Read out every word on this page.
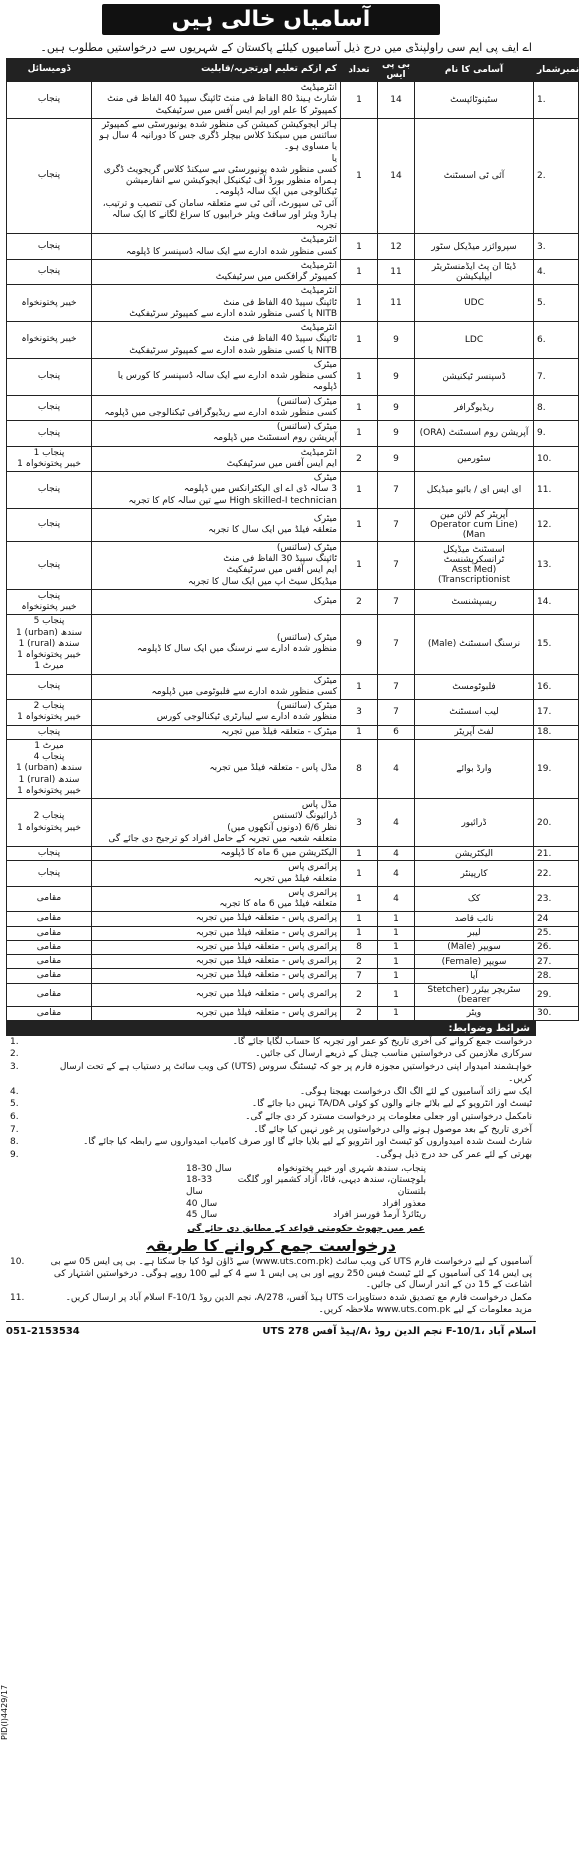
آسامیاں خالی ہیں
اے ایف پی ایم سی راولپنڈی میں درج ذیل آسامیوں کیلئے پاکستان کے شہریوں سے درخواستیں مطلوب ہیں۔
نمبرشمار	آسامی کا نام	بی پی ایس	تعداد	کم ازکم تعلیم اورتجربہ/قابلیت	ڈومیسائل
1.	سٹینوٹائپسٹ	14	1	انٹرمیڈیٹ
شارٹ ہینڈ 80 الفاظ فی منٹ ٹائپنگ سپیڈ 40 الفاظ فی منٹ
کمپیوٹر کا علم اور ایم ایس آفس میں سرٹیفکیٹ	پنجاب
2.	آئی ٹی اسسٹنٹ	14	1	ہائر ایجوکیشن کمیشن کی منظور شدہ یونیورسٹی سے کمپیوٹر سائنس میں سیکنڈ کلاس بیچلر ڈگری جس کا دورانیہ 4 سال ہو یا مساوی ہو۔
یا
کسی منظور شدہ یونیورسٹی سے سیکنڈ کلاس گریجویٹ ڈگری ہمراہ منظور بورڈ آف ٹیکنیکل ایجوکیشن سے انفارمیشن ٹیکنالوجی میں ایک سالہ ڈپلومہ۔
آئی ٹی سپورٹ، آئی ٹی سے متعلقہ سامان کی تنصیب و ترتیب، ہارڈ ویئر اور سافٹ ویئر خرابیوں کا سراغ لگانے کا ایک سالہ تجربہ	پنجاب
3.	سپروائزر میڈیکل سٹور	12	1	انٹرمیڈیٹ
کسی منظور شدہ ادارے سے ایک سالہ ڈسپنسر کا ڈپلومہ	پنجاب
4.	ڈیٹا ان پٹ ایڈمنسٹریٹر ایپلیکیشن	11	1	انٹرمیڈیٹ
کمپیوٹر گرافکس میں سرٹیفکیٹ	پنجاب
5.	UDC	11	1	انٹرمیڈیٹ
ٹائپنگ سپیڈ 40 الفاظ فی منٹ
NITB یا کسی منظور شدہ ادارے سے کمپیوٹر سرٹیفکیٹ	خیبر پختونخواہ
6.	LDC	9	1	انٹرمیڈیٹ
ٹائپنگ سپیڈ 40 الفاظ فی منٹ
NITB یا کسی منظور شدہ ادارے سے کمپیوٹر سرٹیفکیٹ	خیبر پختونخواہ
7.	ڈسپنسر ٹیکنیشن	9	1	میٹرک
کسی منظور شدہ ادارے سے ایک سالہ ڈسپنسر کا کورس یا ڈپلومہ	پنجاب
8.	ریڈیوگرافر	9	1	میٹرک (سائنس)
کسی منظور شدہ ادارے سے ریڈیوگرافی ٹیکنالوجی میں ڈپلومہ	پنجاب
9.	آپریشن روم اسسٹنٹ (ORA)	9	1	میٹرک (سائنس)
آپریشن روم اسسٹنٹ میں ڈپلومہ	پنجاب
10.	سٹورمین	9	2	انٹرمیڈیٹ
ایم ایس آفس میں سرٹیفکیٹ	پنجاب 1
خیبر پختونخواہ 1
11.	ای ایس ای / بائیو میڈیکل	7	1	میٹرک
3 سالہ ڈی اے ای الیکٹرانکس میں ڈپلومہ
High skilled-I technician سے تین سالہ کام کا تجربہ	پنجاب
12.	آپریٹر کم لائن مین
(Operator cum Line Man)	7	1	میٹرک
متعلقہ فیلڈ میں ایک سال کا تجربہ	پنجاب
13.	اسسٹنٹ میڈیکل ٹرانسکرپشنسٹ
(Asst Med Transcriptionist)	7	1	میٹرک (سائنس)
ٹائپنگ سپیڈ 30 الفاظ فی منٹ
ایم ایس آفس میں سرٹیفکیٹ
میڈیکل سیٹ اپ میں ایک سال کا تجربہ	پنجاب
14.	ریسپشنسٹ	7	2	میٹرک	پنجاب
خیبر پختونخواہ
15.	نرسنگ اسسٹنٹ (Male)	7	9	میٹرک (سائنس)
منظور شدہ ادارے سے نرسنگ میں ایک سال کا ڈپلومہ	پنجاب 5
سندھ (urban) 1
سندھ (rural) 1
خیبر پختونخواہ 1
میرٹ 1
16.	فلبوٹومسٹ	7	1	میٹرک
کسی منظور شدہ ادارے سے فلبوٹومی میں ڈپلومہ	پنجاب
17.	لیب اسسٹنٹ	7	3	میٹرک (سائنس)
منظور شدہ ادارے سے لیبارٹری ٹیکنالوجی کورس	پنجاب 2
خیبر پختونخواہ 1
18.	لفٹ آپریٹر	6	1	میٹرک - متعلقہ فیلڈ میں تجربہ	پنجاب
19.	وارڈ بوائے	4	8	مڈل پاس - متعلقہ فیلڈ میں تجربہ	میرٹ 1
پنجاب 4
سندھ (urban) 1
سندھ (rural) 1
خیبر پختونخواہ 1
20.	ڈرائیور	4	3	مڈل پاس
ڈرائیونگ لائسنس
نظر 6/6 (دونوں آنکھوں میں)
متعلقہ شعبہ میں تجربہ کے حامل افراد کو ترجیح دی جائے گی	پنجاب 2
خیبر پختونخواہ 1
21.	الیکٹریشن	4	1	الیکٹریشن میں 6 ماہ کا ڈپلومہ	پنجاب
22.	کارپینٹر	4	1	پرائمری پاس
متعلقہ فیلڈ میں تجربہ	پنجاب
23.	کک	4	1	پرائمری پاس
متعلقہ فیلڈ میں 6 ماہ کا تجربہ	مقامی
24	نائب قاصد	1	1	پرائمری پاس - متعلقہ فیلڈ میں تجربہ	مقامی
25.	لیبر	1	1	پرائمری پاس - متعلقہ فیلڈ میں تجربہ	مقامی
26.	سویپر (Male)	1	8	پرائمری پاس - متعلقہ فیلڈ میں تجربہ	مقامی
27.	سویپر (Female)	1	2	پرائمری پاس - متعلقہ فیلڈ میں تجربہ	مقامی
28.	آیا	1	7	پرائمری پاس - متعلقہ فیلڈ میں تجربہ	مقامی
29.	سٹریچر بیئرر (Stetcher bearer)	1	2	پرائمری پاس - متعلقہ فیلڈ میں تجربہ	مقامی
30.	ویٹر	1	2	پرائمری پاس - متعلقہ فیلڈ میں تجربہ	مقامی
شرائط وضوابط:
درخواست جمع کروانے کی آخری تاریخ کو عمر اور تجربہ کا حساب لگایا جائے گا۔
1.
سرکاری ملازمین کی درخواستیں مناسب چینل کے ذریعے ارسال کی جائیں۔
2.
خواہشمند امیدوار اپنی درخواستیں مجوزہ فارم پر جو کہ ٹیسٹنگ سروس (UTS) کی ویب سائٹ پر دستیاب ہے کے تحت ارسال کریں۔
3.
ایک سے زائد آسامیوں کے لئے الگ الگ درخواست بھیجنا ہوگی۔
4.
ٹیسٹ اور انٹرویو کے لیے بلائے جانے والوں کو کوئی TA/DA نہیں دیا جائے گا۔
5.
نامکمل درخواستیں اور جعلی معلومات پر درخواست مسترد کر دی جائے گی۔
6.
آخری تاریخ کے بعد موصول ہونے والی درخواستوں پر غور نہیں کیا جائے گا۔
7.
شارٹ لسٹ شدہ امیدواروں کو ٹیسٹ اور انٹرویو کے لیے بلایا جائے گا اور صرف کامیاب امیدواروں سے رابطہ کیا جائے گا۔
8.
بھرتی کے لئے عمر کی حد درج ذیل ہوگی۔
9.
پنجاب، سندھ شہری اور خیبر پختونخواہ
18-30 سال
بلوچستان، سندھ دیہی، فاٹا، آزاد کشمیر اور گلگت بلتستان
18-33 سال
معذور افراد
40 سال
ریٹائرڈ آرمڈ فورسز افراد
45 سال
عمر میں چھوٹ حکومتی قواعد کے مطابق دی جائے گی
درخواست جمع کروانے کا طریقہ
آسامیوں کے لیے درخواست فارم UTS کی ویب سائٹ (www.uts.com.pk) سے ڈاؤن لوڈ کیا جا سکتا ہے۔ بی پی ایس 05 سے بی پی ایس 14 کی آسامیوں کے لئے ٹیسٹ فیس 250 روپے اور بی پی ایس 1 سے 4 کے لیے 100 روپے ہوگی۔ درخواستیں اشتہار کی اشاعت کے 15 دن کے اندر ارسال کی جائیں۔
10.
مکمل درخواست فارم مع تصدیق شدہ دستاویزات UTS ہیڈ آفس، 278/A، نجم الدین روڈ F-10/1 اسلام آباد پر ارسال کریں۔ مزید معلومات کے لیے www.uts.com.pk ملاحظہ کریں۔
11.
051-2153534	UTS ہیڈ آفس 278/A، نجم الدین روڈ F-10/1، اسلام آباد
PID(I)4429/17
